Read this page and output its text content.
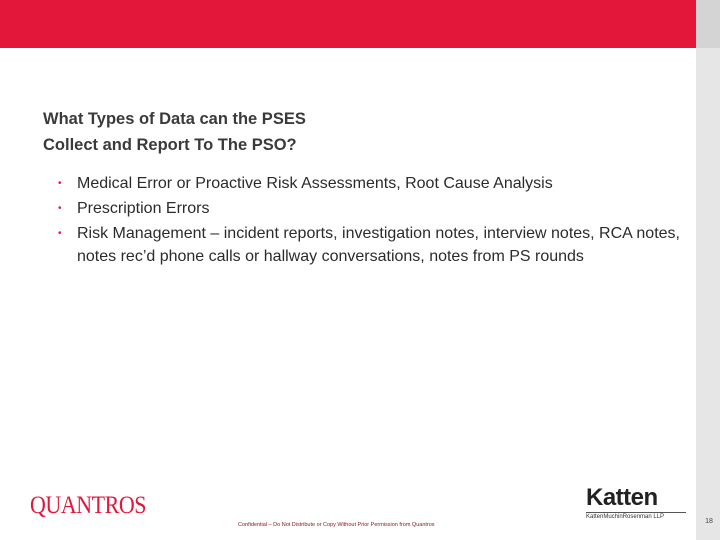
What Types of Data can the PSES
Collect and Report To The PSO?
• Medical Error or Proactive Risk Assessments, Root Cause Analysis
• Prescription Errors
• Risk Management – incident reports, investigation notes, interview notes, RCA notes, notes rec’d phone calls or hallway conversations, notes from PS rounds
QUANTROS
Confidential – Do Not Distribute or Copy Without Prior Permission from Quantros
Katten
KattenMuchinRosenman LLP
18
